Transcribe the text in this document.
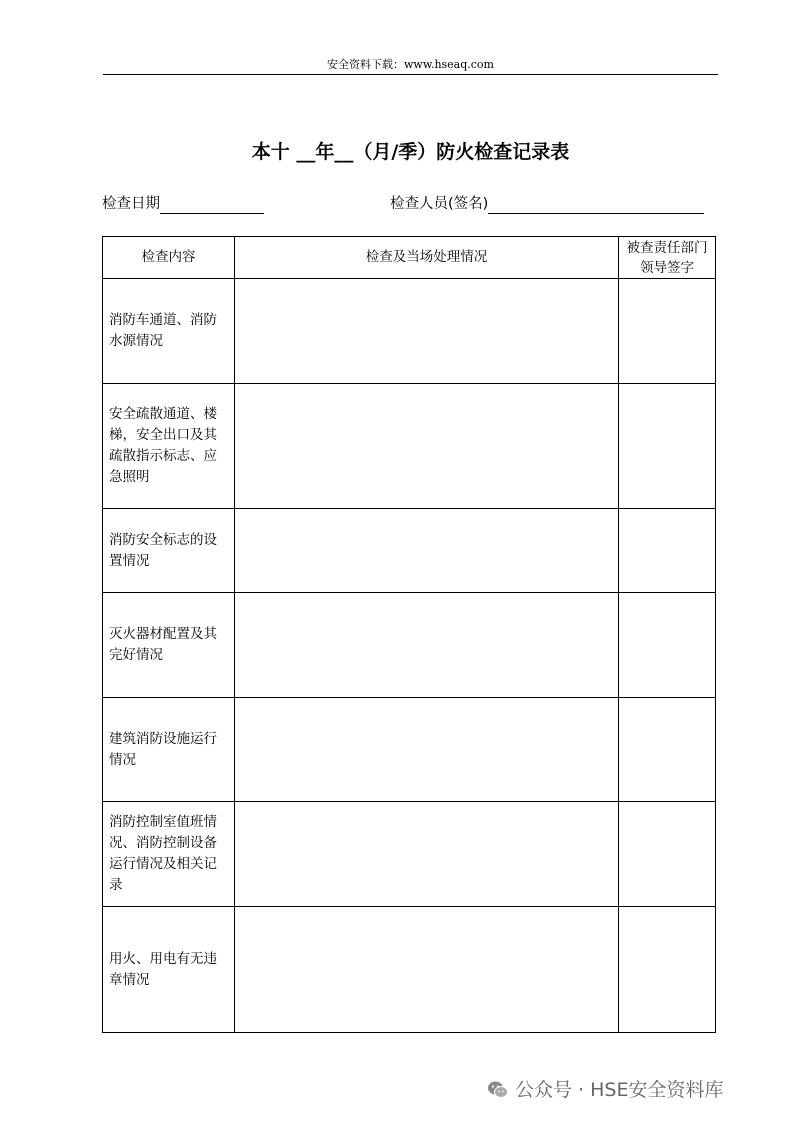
安全资料下载：www.hseaq.com
本十 __年__（月/季）防火检查记录表
检查日期	检查人员(签名)
检查内容	检查及当场处理情况	被查责任部门领导签字
消防车通道、消防水源情况		
安全疏散通道、楼梯，安全出口及其疏散指示标志、应急照明		
消防安全标志的设置情况		
灭火器材配置及其完好情况		
建筑消防设施运行情况		
消防控制室值班情况、消防控制设备运行情况及相关记录		
用火、用电有无违章情况		
公众号 · HSE安全资料库
